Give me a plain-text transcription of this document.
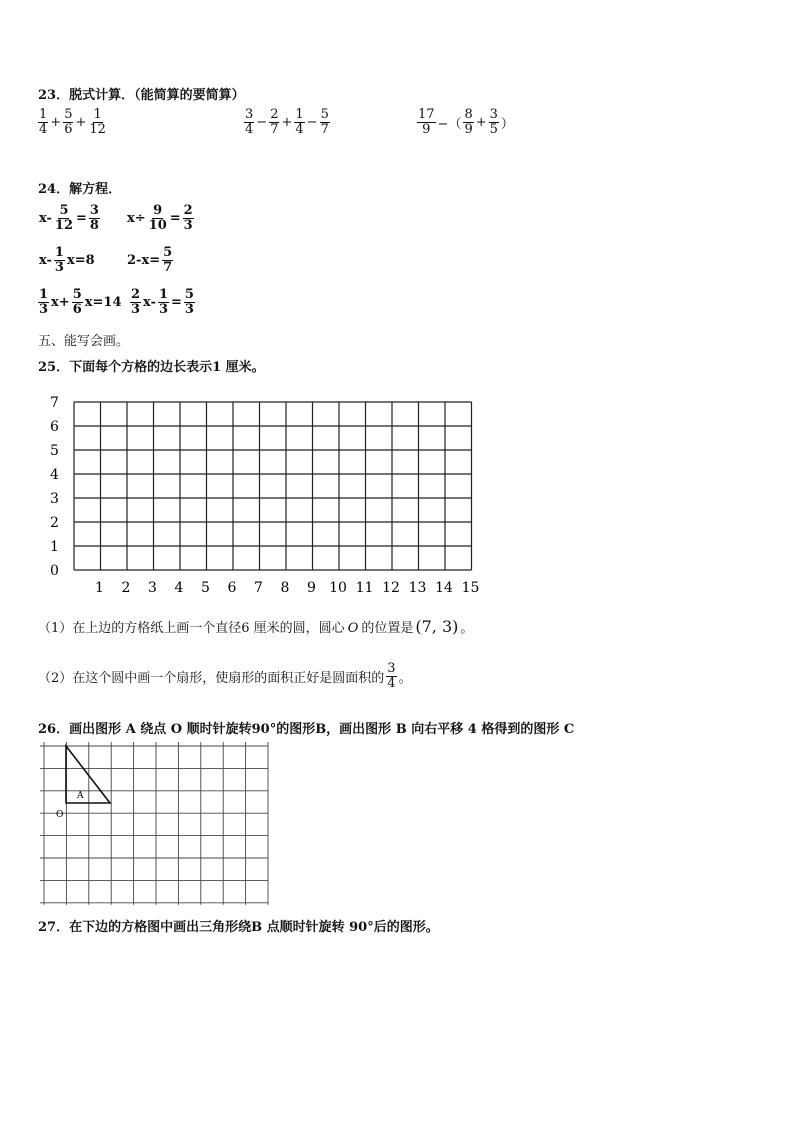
23．脱式计算．（能简算的要简算）
$\frac{1}{4} + \frac{5}{6} + \frac{1}{12}$	$\frac{3}{4} - \frac{2}{7} + \frac{1}{4} - \frac{5}{7}$	$\frac{17}{9}$ −（ $\frac{8}{9} + \frac{3}{5}$ ）
24．解方程．
$x- \frac{5}{12} = \frac{3}{8} x\div \frac{9}{10} = \frac{2}{3}$
$x- \frac{1}{3} x=8$ $2-x= \frac{5}{7}$
$\frac{1}{3} x+ \frac{5}{6} x=14 \frac{2}{3} x- \frac{1}{3} = \frac{5}{3}$
五、能写会画。
25．下面每个方格的边长表示1 厘米。
0
1
2
3
4
5
6
7
1 2 3 4 5 6 7 8 9 10 11 12 13 14 15
（1）在上边的方格纸上画一个直径6 厘米的圆，圆心 O 的位置是 (7, 3) 。
（2）在这个圆中画一个扇形，使扇形的面积正好是圆面积的 $\frac{3}{4}$ 。
26．画出图形 A 绕点 O 顺时针旋转90°的图形B，画出图形 B 向右平移 4 格得到的图形 C
A
O
27．在下边的方格图中画出三角形绕B 点顺时针旋转 90°后的图形。
